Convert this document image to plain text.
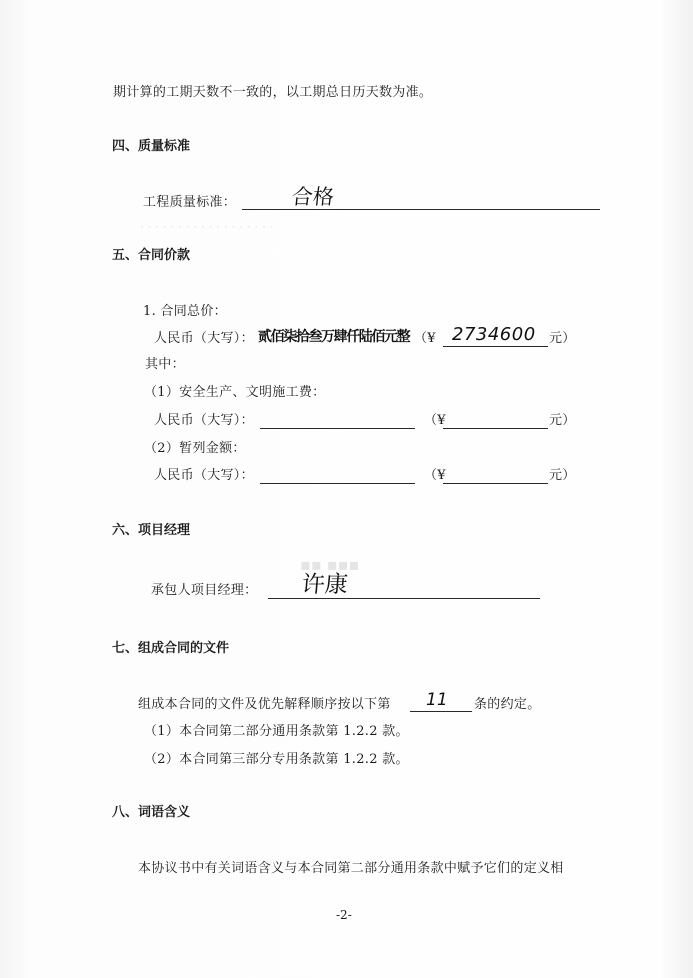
· · · · · · · · · · · · · · · · · ·
▪▪ ▪▪▪
期计算的工期天数不一致的，以工期总日历天数为准。
四、质量标准
工程质量标准：	合格
五、合同价款
1. 合同总价：
人民币（大写）： 贰佰柒拾叁万肆仟陆佰元整 （¥ 2734600 元）
其中：
（1）安全生产、文明施工费：
人民币（大写）：	（¥	元）
（2）暂列金额：
人民币（大写）：	（¥	元）
六、项目经理
承包人项目经理： 许康
七、组成合同的文件
组成本合同的文件及优先解释顺序按以下第 11 条的约定。
（1）本合同第二部分通用条款第 1.2.2 款。
（2）本合同第三部分专用条款第 1.2.2 款。
八、词语含义
本协议书中有关词语含义与本合同第二部分通用条款中赋予它们的定义相
-2-
